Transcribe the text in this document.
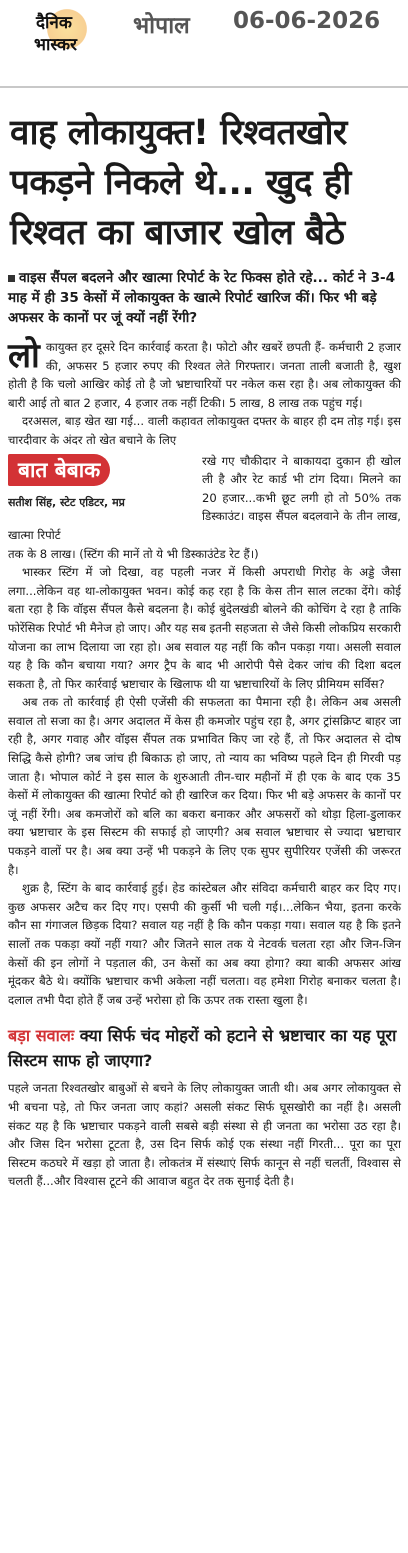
दैनिक
भास्कर
भोपाल 06-06-2026
वाह लोकायुक्त! रिश्वतखोर पकड़ने निकले थे... खुद ही रिश्वत का बाजार खोल बैठे
वाइस सैंपल बदलने और खात्मा रिपोर्ट के रेट फिक्स होते रहे... कोर्ट ने 3-4 माह में ही 35 केसों में लोकायुक्त के खात्मे रिपोर्ट खारिज कीं। फिर भी बड़े अफसर के कानों पर जूं क्यों नहीं रेंगी?
लो कायुक्त हर दूसरे दिन कार्रवाई करता है। फोटो और खबरें छपती हैं- कर्मचारी 2 हजार की, अफसर 5 हजार रुपए की रिश्वत लेते गिरफ्तार। जनता ताली बजाती है, खुश होती है कि चलो आखिर कोई तो है जो भ्रष्टाचारियों पर नकेल कस रहा है। अब लोकायुक्त की बारी आई तो बात 2 हजार, 4 हजार तक नहीं टिकी। 5 लाख, 8 लाख तक पहुंच गई।

दरअसल, बाड़ खेत खा गई... वाली कहावत लोकायुक्त दफ्तर के बाहर ही दम तोड़ गई। इस चारदीवार के अंदर तो खेत बचाने के लिए

बात बेबाक
सतीश सिंह, स्टेट एडिटर, मप्र

रखे गए चौकीदार ने बाकायदा दुकान ही खोल ली है और रेट कार्ड भी टांग दिया। मिलने का 20 हजार...कभी छूट लगी हो तो 50% तक डिस्काउंट। वाइस सैंपल बदलवाने के तीन लाख, खात्मा रिपोर्ट

तक के 8 लाख। (स्टिंग की मानें तो ये भी डिस्काउंटेड रेट हैं।)

भास्कर स्टिंग में जो दिखा, वह पहली नजर में किसी अपराधी गिरोह के अड्डे जैसा लगा...लेकिन वह था-लोकायुक्त भवन। कोई कह रहा है कि केस तीन साल लटका देंगे। कोई बता रहा है कि वॉइस सैंपल कैसे बदलना है। कोई बुंदेलखंडी बोलने की कोचिंग दे रहा है ताकि फोरेंसिक रिपोर्ट भी मैनेज हो जाए। और यह सब इतनी सहजता से जैसे किसी लोकप्रिय सरकारी योजना का लाभ दिलाया जा रहा हो। अब सवाल यह नहीं कि कौन पकड़ा गया। असली सवाल यह है कि कौन बचाया गया? अगर ट्रैप के बाद भी आरोपी पैसे देकर जांच की दिशा बदल सकता है, तो फिर कार्रवाई भ्रष्टाचार के खिलाफ थी या भ्रष्टाचारियों के लिए प्रीमियम सर्विस?

अब तक तो कार्रवाई ही ऐसी एजेंसी की सफलता का पैमाना रही है। लेकिन अब असली सवाल तो सजा का है। अगर अदालत में केस ही कमजोर पहुंच रहा है, अगर ट्रांसक्रिप्ट बाहर जा रही है, अगर गवाह और वॉइस सैंपल तक प्रभावित किए जा रहे हैं, तो फिर अदालत से दोष सिद्धि कैसे होगी? जब जांच ही बिकाऊ हो जाए, तो न्याय का भविष्य पहले दिन ही गिरवी पड़ जाता है। भोपाल कोर्ट ने इस साल के शुरुआती तीन-चार महीनों में ही एक के बाद एक 35 केसों में लोकायुक्त की खात्मा रिपोर्ट को ही खारिज कर दिया। फिर भी बड़े अफसर के कानों पर जूं नहीं रेंगी। अब कमजोरों को बलि का बकरा बनाकर और अफसरों को थोड़ा हिला-डुलाकर क्या भ्रष्टाचार के इस सिस्टम की सफाई हो जाएगी? अब सवाल भ्रष्टाचार से ज्यादा भ्रष्टाचार पकड़ने वालों पर है। अब क्या उन्हें भी पकड़ने के लिए एक सुपर सुपीरियर एजेंसी की जरूरत है।

शुक्र है, स्टिंग के बाद कार्रवाई हुई। हेड कांस्टेबल और संविदा कर्मचारी बाहर कर दिए गए। कुछ अफसर अटैच कर दिए गए। एसपी की कुर्सी भी चली गई।...लेकिन भैया, इतना करके कौन सा गंगाजल छिड़क दिया? सवाल यह नहीं है कि कौन पकड़ा गया। सवाल यह है कि इतने सालों तक पकड़ा क्यों नहीं गया? और जितने साल तक ये नेटवर्क चलता रहा और जिन-जिन केसों की इन लोगों ने पड़ताल की, उन केसों का अब क्या होगा? क्या बाकी अफसर आंख मूंदकर बैठे थे। क्योंकि भ्रष्टाचार कभी अकेला नहीं चलता। वह हमेशा गिरोह बनाकर चलता है। दलाल तभी पैदा होते हैं जब उन्हें भरोसा हो कि ऊपर तक रास्ता खुला है।

बड़ा सवालः क्या सिर्फ चंद मोहरों को हटाने से भ्रष्टाचार का यह पूरा सिस्टम साफ हो जाएगा?

पहले जनता रिश्वतखोर बाबुओं से बचने के लिए लोकायुक्त जाती थी। अब अगर लोकायुक्त से भी बचना पड़े, तो फिर जनता जाए कहां? असली संकट सिर्फ घूसखोरी का नहीं है। असली संकट यह है कि भ्रष्टाचार पकड़ने वाली सबसे बड़ी संस्था से ही जनता का भरोसा उठ रहा है। और जिस दिन भरोसा टूटता है, उस दिन सिर्फ कोई एक संस्था नहीं गिरती... पूरा का पूरा सिस्टम कठघरे में खड़ा हो जाता है। लोकतंत्र में संस्थाएं सिर्फ कानून से नहीं चलतीं, विश्वास से चलती हैं...और विश्वास टूटने की आवाज बहुत देर तक सुनाई देती है।
